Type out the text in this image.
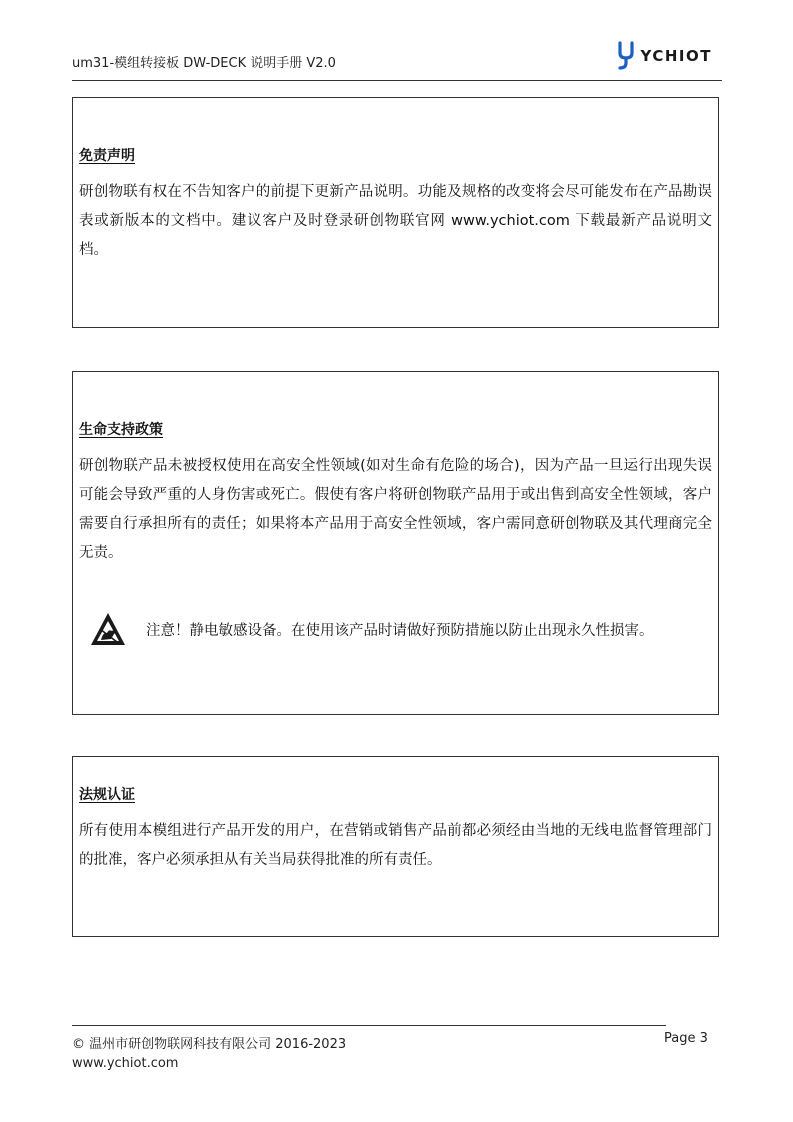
um31-模组转接板 DW-DECK 说明手册 V2.0	YCHIOT
免责声明

研创物联有权在不告知客户的前提下更新产品说明。功能及规格的改变将会尽可能发布在产品勘误表或新版本的文档中。建议客户及时登录研创物联官网 www.ychiot.com 下载最新产品说明文档。

生命支持政策

研创物联产品未被授权使用在高安全性领域(如对生命有危险的场合)，因为产品一旦运行出现失误可能会导致严重的人身伤害或死亡。假使有客户将研创物联产品用于或出售到高安全性领域，客户需要自行承担所有的责任；如果将本产品用于高安全性领域，客户需同意研创物联及其代理商完全无责。

注意！静电敏感设备。在使用该产品时请做好预防措施以防止出现永久性损害。
法规认证

所有使用本模组进行产品开发的用户，在营销或销售产品前都必须经由当地的无线电监督管理部门的批准，客户必须承担从有关当局获得批准的所有责任。

© 温州市研创物联网科技有限公司 2016-2023
www.ychiot.com
Page 3
